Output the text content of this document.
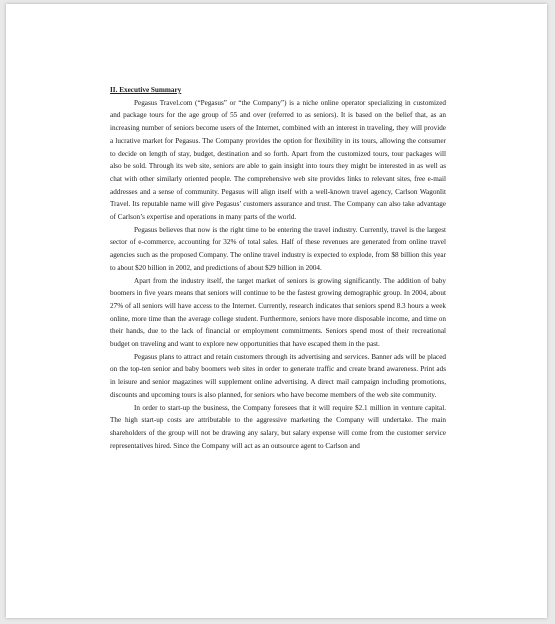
II. Executive Summary

Pegasus Travel.com (“Pegasus” or “the Company”) is a niche online operator specializing in customized and package tours for the age group of 55 and over (referred to as seniors). It is based on the belief that, as an increasing number of seniors become users of the Internet, combined with an interest in traveling, they will provide a lucrative market for Pegasus. The Company provides the option for flexibility in its tours, allowing the consumer to decide on length of stay, budget, destination and so forth. Apart from the customized tours, tour packages will also be sold. Through its web site, seniors are able to gain insight into tours they might be interested in as well as chat with other similarly oriented people. The comprehensive web site provides links to relevant sites, free e-mail addresses and a sense of community. Pegasus will align itself with a well-known travel agency, Carlson Wagonlit Travel. Its reputable name will give Pegasus’ customers assurance and trust. The Company can also take advantage of Carlson’s expertise and operations in many parts of the world.

Pegasus believes that now is the right time to be entering the travel industry. Currently, travel is the largest sector of e-commerce, accounting for 32% of total sales. Half of these revenues are generated from online travel agencies such as the proposed Company. The online travel industry is expected to explode, from $8 billion this year to about $20 billion in 2002, and predictions of about $29 billion in 2004.

Apart from the industry itself, the target market of seniors is growing significantly. The addition of baby boomers in five years means that seniors will continue to be the fastest growing demographic group. In 2004, about 27% of all seniors will have access to the Internet. Currently, research indicates that seniors spend 8.3 hours a week online, more time than the average college student. Furthermore, seniors have more disposable income, and time on their hands, due to the lack of financial or employment commitments. Seniors spend most of their recreational budget on traveling and want to explore new opportunities that have escaped them in the past.

Pegasus plans to attract and retain customers through its advertising and services. Banner ads will be placed on the top-ten senior and baby boomers web sites in order to generate traffic and create brand awareness. Print ads in leisure and senior magazines will supplement online advertising. A direct mail campaign including promotions, discounts and upcoming tours is also planned, for seniors who have become members of the web site community.

In order to start-up the business, the Company foresees that it will require $2.1 million in venture capital. The high start-up costs are attributable to the aggressive marketing the Company will undertake. The main shareholders of the group will not be drawing any salary, but salary expense will come from the customer service representatives hired. Since the Company will act as an outsource agent to Carlson and
